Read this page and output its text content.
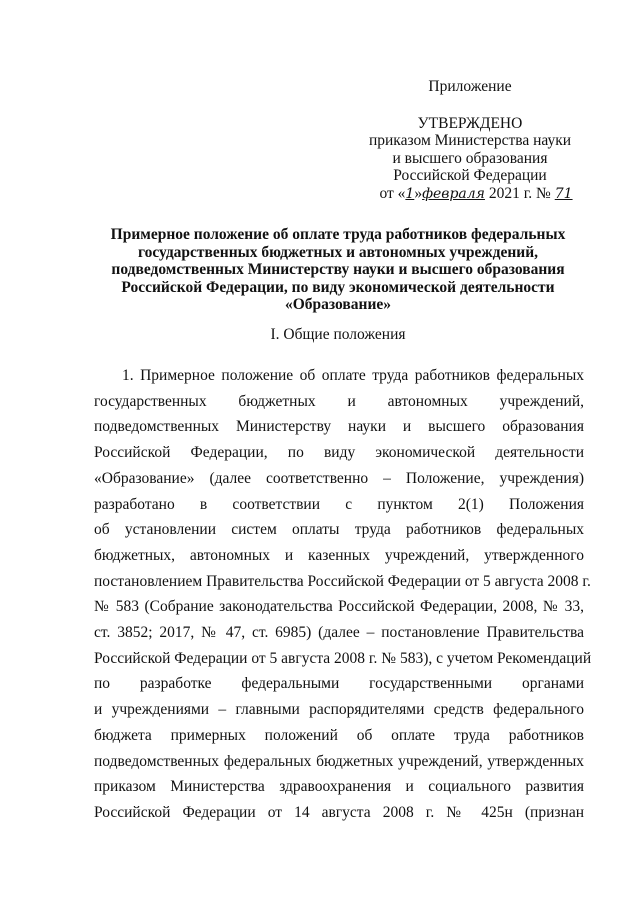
Приложение
УТВЕРЖДЕНО
приказом Министерства науки
и высшего образования
Российской Федерации
от «1»февраля 2021 г. № 71
Примерное положение об оплате труда работников федеральных
государственных бюджетных и автономных учреждений,
подведомственных Министерству науки и высшего образования
Российской Федерации, по виду экономической деятельности
«Образование»
I. Общие положения
1. Примерное положение об оплате труда работников федеральных
государственных бюджетных и автономных учреждений,
подведомственных Министерству науки и высшего образования
Российской Федерации, по виду экономической деятельности
«Образование» (далее соответственно – Положение, учреждения)
разработано в соответствии с пунктом 2(1) Положения
об установлении систем оплаты труда работников федеральных
бюджетных, автономных и казенных учреждений, утвержденного
постановлением Правительства Российской Федерации от 5 августа 2008 г.
№ 583 (Собрание законодательства Российской Федерации, 2008, № 33,
ст. 3852; 2017, № 47, ст. 6985) (далее – постановление Правительства
Российской Федерации от 5 августа 2008 г. № 583), с учетом Рекомендаций
по разработке федеральными государственными органами
и учреждениями – главными распорядителями средств федерального
бюджета примерных положений об оплате труда работников
подведомственных федеральных бюджетных учреждений, утвержденных
приказом Министерства здравоохранения и социального развития
Российской Федерации от 14 августа 2008 г. № 425н (признан
